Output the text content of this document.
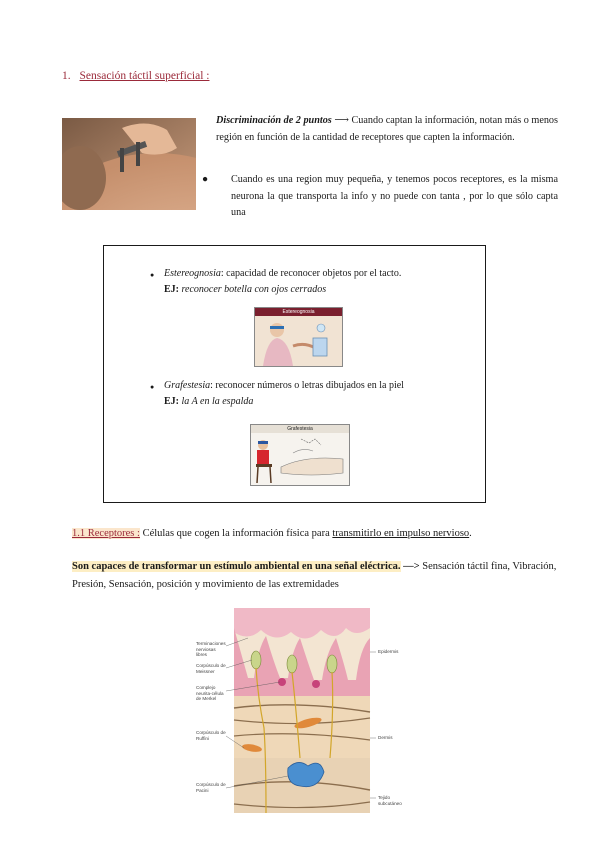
1. Sensación táctil superficial :
Discriminación de 2 puntos ⟶ Cuando captan la información, notan más o menos región en función de la cantidad de receptores que capten la información.
●	Cuando es una region muy pequeña, y tenemos pocos receptores, es la misma neurona la que transporta la info y no puede con tanta , por lo que sólo capta una
● Estereognosia: capacidad de reconocer objetos por el tacto.
EJ: reconocer botella con ojos cerrados
Estereognosia
● Grafestesia: reconocer números o letras dibujados en la piel
EJ: la A en la espalda
Grafestesia
1.1 Receptores : Células que cogen la información física para transmitirlo en impulso nervioso.
Son capaces de transformar un estímulo ambiental en una señal eléctrica. —> Sensación táctil fina, Vibración, Presión, Sensación, posición y movimiento de las extremidades
Terminaciones nerviosas libres
Corpúsculo de Meissner
Complejo neurita-célula de Merkel
Corpúsculo de Ruffini
Corpúsculo de Pacini
Epidermis
Dermis
Tejido subcutáneo
